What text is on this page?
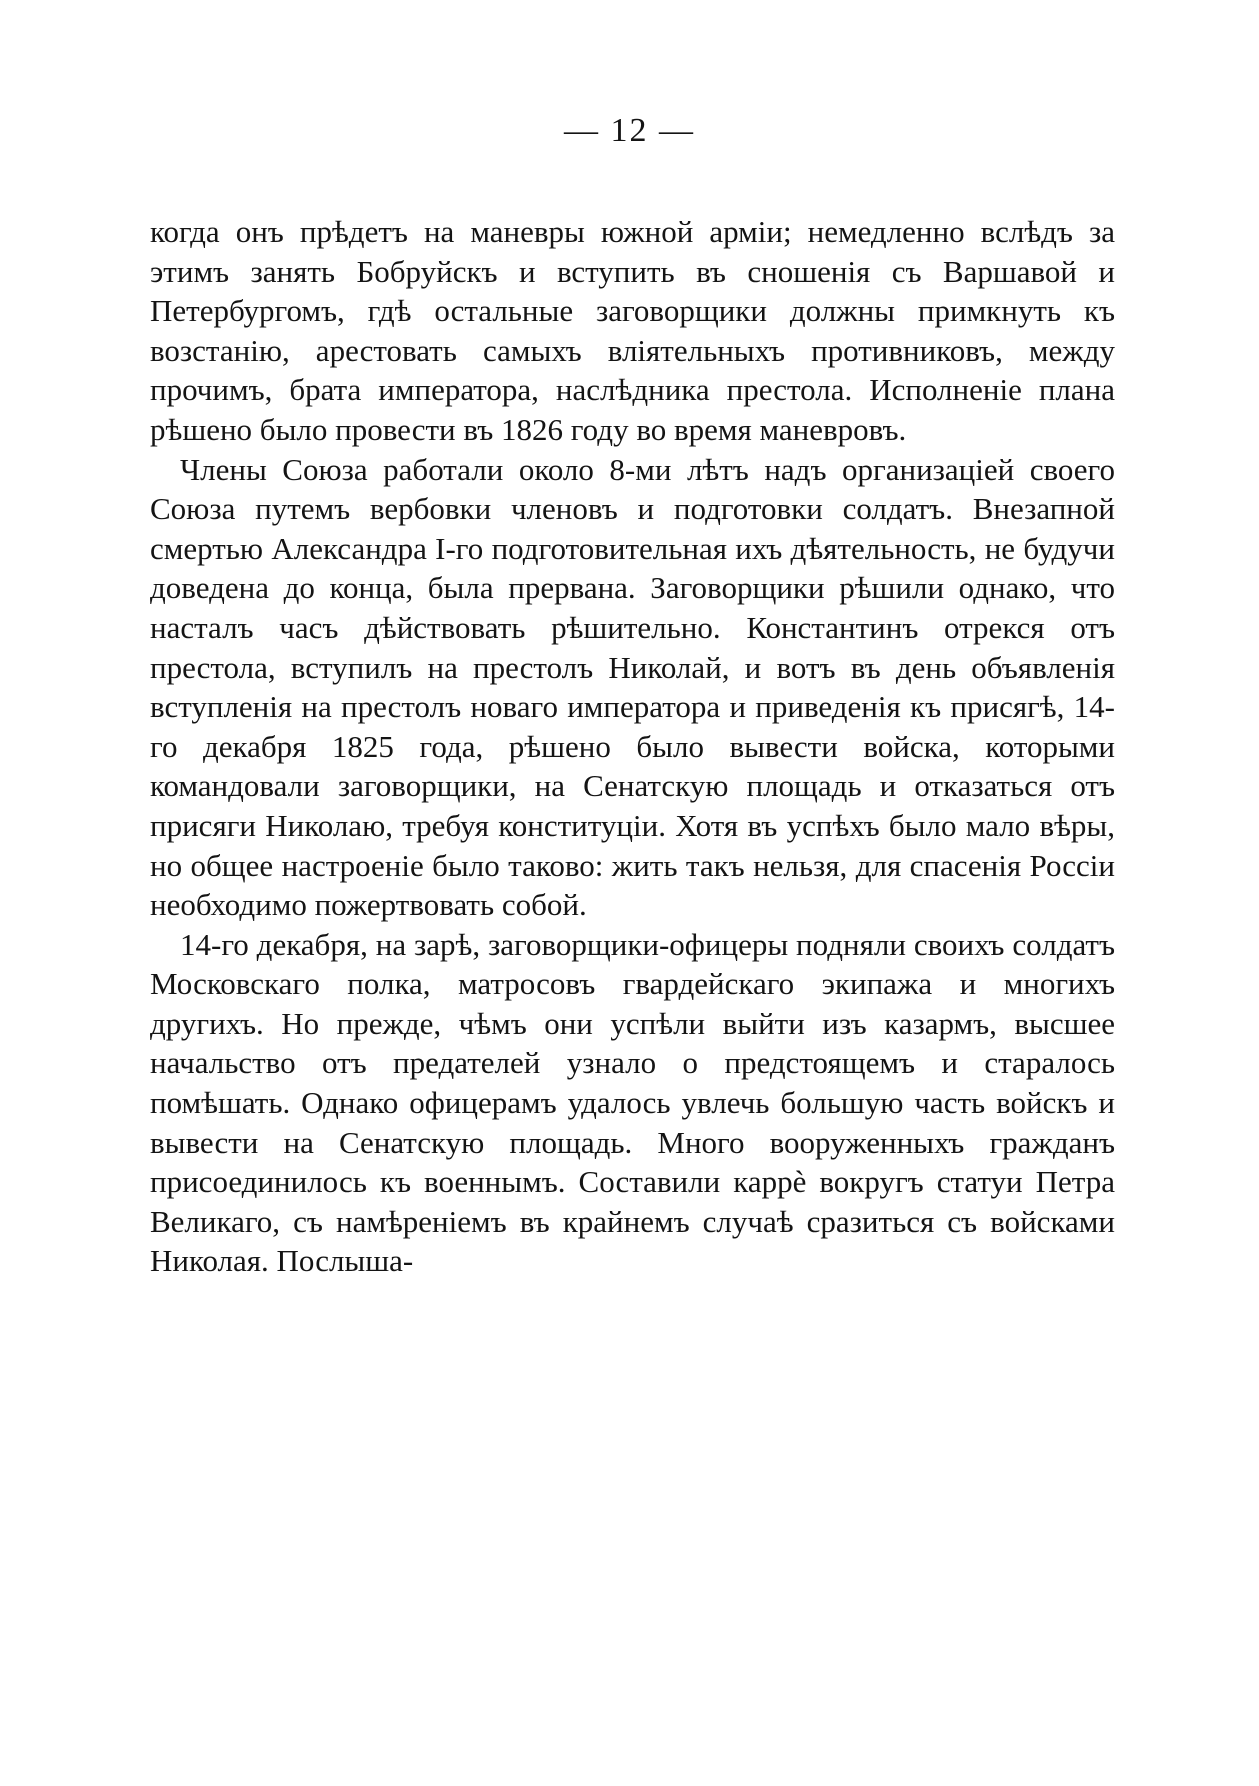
— 12 —

когда онъ прѣдетъ на маневры южной арміи; немедленно вслѣдъ за этимъ занять Бобруйскъ и вступить въ сношенія съ Варшавой и Петербургомъ, гдѣ остальные заговорщики должны примкнуть къ возстанію, арестовать самыхъ вліятельныхъ противниковъ, между прочимъ, брата императора, наслѣдника престола. Исполненіе плана рѣшено было провести въ 1826 году во время маневровъ.

Члены Союза работали около 8-ми лѣтъ надъ организаціей своего Союза путемъ вербовки членовъ и подготовки солдатъ. Внезапной смертью Александра I-го подготовительная ихъ дѣятельность, не будучи доведена до конца, была прервана. Заговорщики рѣшили однако, что насталъ часъ дѣйствовать рѣшительно. Константинъ отрекся отъ престола, вступилъ на престолъ Николай, и вотъ въ день объявленія вступленія на престолъ новаго императора и приведенія къ присягѣ, 14-го декабря 1825 года, рѣшено было вывести войска, которыми командовали заговорщики, на Сенатскую площадь и отказаться отъ присяги Николаю, требуя конституціи. Хотя въ успѣхъ было мало вѣры, но общее настроеніе было таково: жить такъ нельзя, для спасенія Россіи необходимо пожертвовать собой.

14-го декабря, на зарѣ, заговорщики-офицеры подняли своихъ солдатъ Московскаго полка, матросовъ гвардейскаго экипажа и многихъ другихъ. Но прежде, чѣмъ они успѣли выйти изъ казармъ, высшее начальство отъ предателей узнало о предстоящемъ и старалось помѣшать. Однако офицерамъ удалось увлечь большую часть войскъ и вывести на Сенатскую площадь. Много вооруженныхъ гражданъ присоединилось къ военнымъ. Составили каррѐ вокругъ статуи Петра Великаго, съ намѣреніемъ въ крайнемъ случаѣ сразиться съ войсками Николая. Послыша-
